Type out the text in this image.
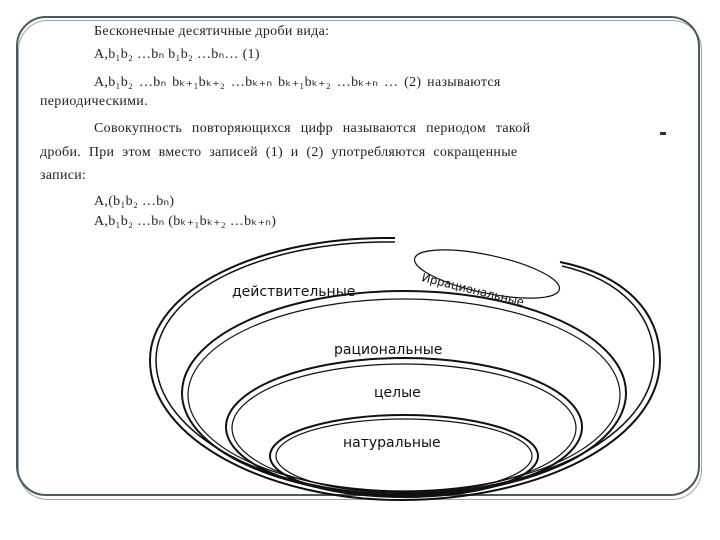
Бесконечные десятичные дроби вида:
A,b₁b₂ …bₙ b₁b₂ …bₙ… (1)
A,b₁b₂ …bₙ bₖ₊₁bₖ₊₂ …bₖ₊ₙ bₖ₊₁bₖ₊₂ …bₖ₊ₙ … (2) называются
периодическими.
Совокупность повторяющихся цифр называются периодом такой
дроби. При этом вместо записей (1) и (2) употребляются сокращенные
записи:
A,(b₁b₂ …bₙ)
A,b₁b₂ …bₙ (bₖ₊₁bₖ₊₂ …bₖ₊ₙ)
Иррациональные
действительные
рациональные
целые
натуральные
